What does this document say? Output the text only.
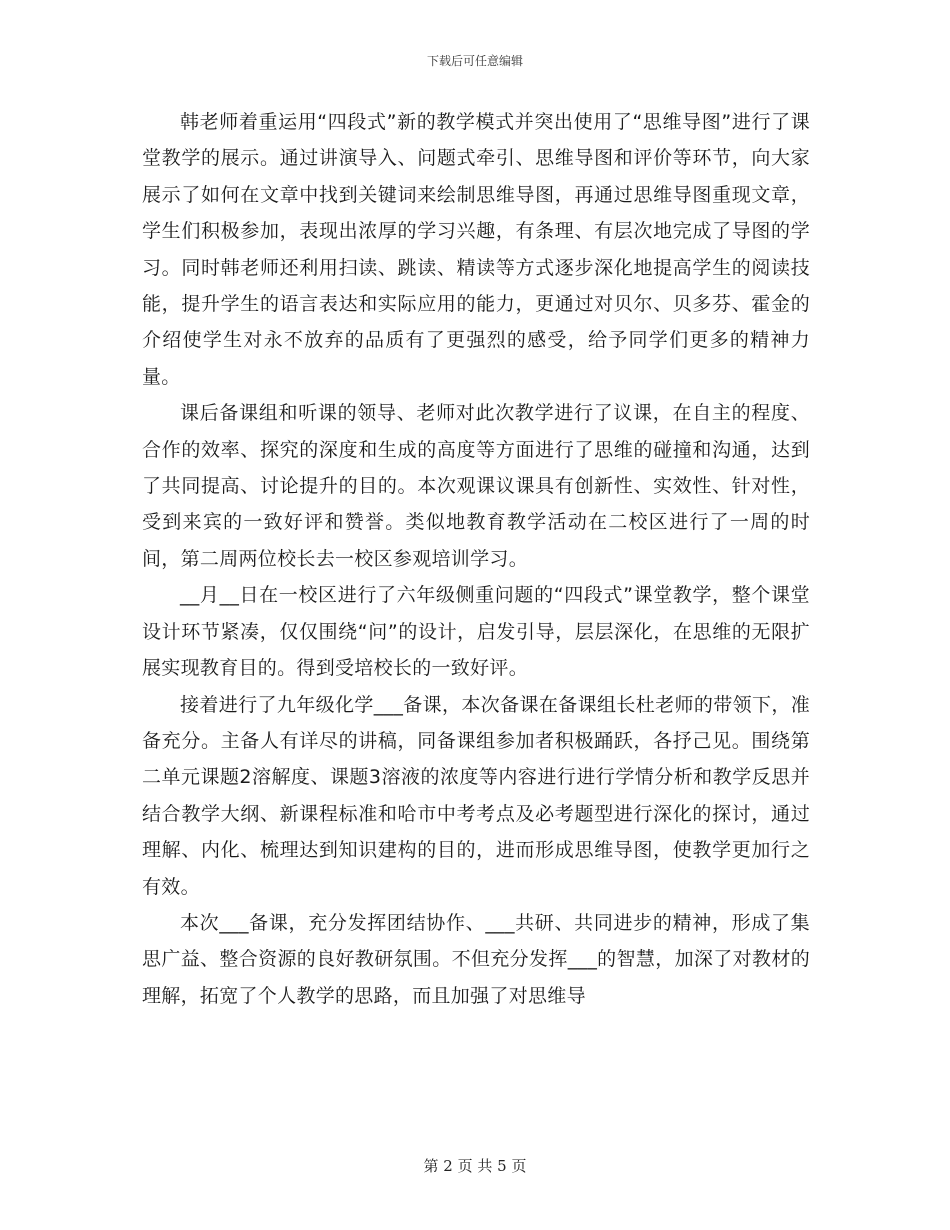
下载后可任意编辑

韩老师着重运用“四段式”新的教学模式并突出使用了“思维导图”进行了课堂教学的展示。通过讲演导入、问题式牵引、思维导图和评价等环节，向大家展示了如何在文章中找到关键词来绘制思维导图，再通过思维导图重现文章，学生们积极参加，表现出浓厚的学习兴趣，有条理、有层次地完成了导图的学习。同时韩老师还利用扫读、跳读、精读等方式逐步深化地提高学生的阅读技能，提升学生的语言表达和实际应用的能力，更通过对贝尔、贝多芬、霍金的介绍使学生对永不放弃的品质有了更强烈的感受，给予同学们更多的精神力量。

课后备课组和听课的领导、老师对此次教学进行了议课，在自主的程度、合作的效率、探究的深度和生成的高度等方面进行了思维的碰撞和沟通，达到了共同提高、讨论提升的目的。本次观课议课具有创新性、实效性、针对性，受到来宾的一致好评和赞誉。类似地教育教学活动在二校区进行了一周的时间，第二周两位校长去一校区参观培训学习。

__月__日在一校区进行了六年级侧重问题的“四段式”课堂教学，整个课堂设计环节紧凑，仅仅围绕“问”的设计，启发引导，层层深化，在思维的无限扩展实现教育目的。得到受培校长的一致好评。

接着进行了九年级化学___备课，本次备课在备课组长杜老师的带领下，准备充分。主备人有详尽的讲稿，同备课组参加者积极踊跃，各抒己见。围绕第二单元课题2溶解度、课题3溶液的浓度等内容进行进行学情分析和教学反思并结合教学大纲、新课程标准和哈市中考考点及必考题型进行深化的探讨，通过理解、内化、梳理达到知识建构的目的，进而形成思维导图，使教学更加行之有效。

本次___备课，充分发挥团结协作、___共研、共同进步的精神，形成了集思广益、整合资源的良好教研氛围。不但充分发挥___的智慧，加深了对教材的理解，拓宽了个人教学的思路，而且加强了对思维导

第 2 页 共 5 页
